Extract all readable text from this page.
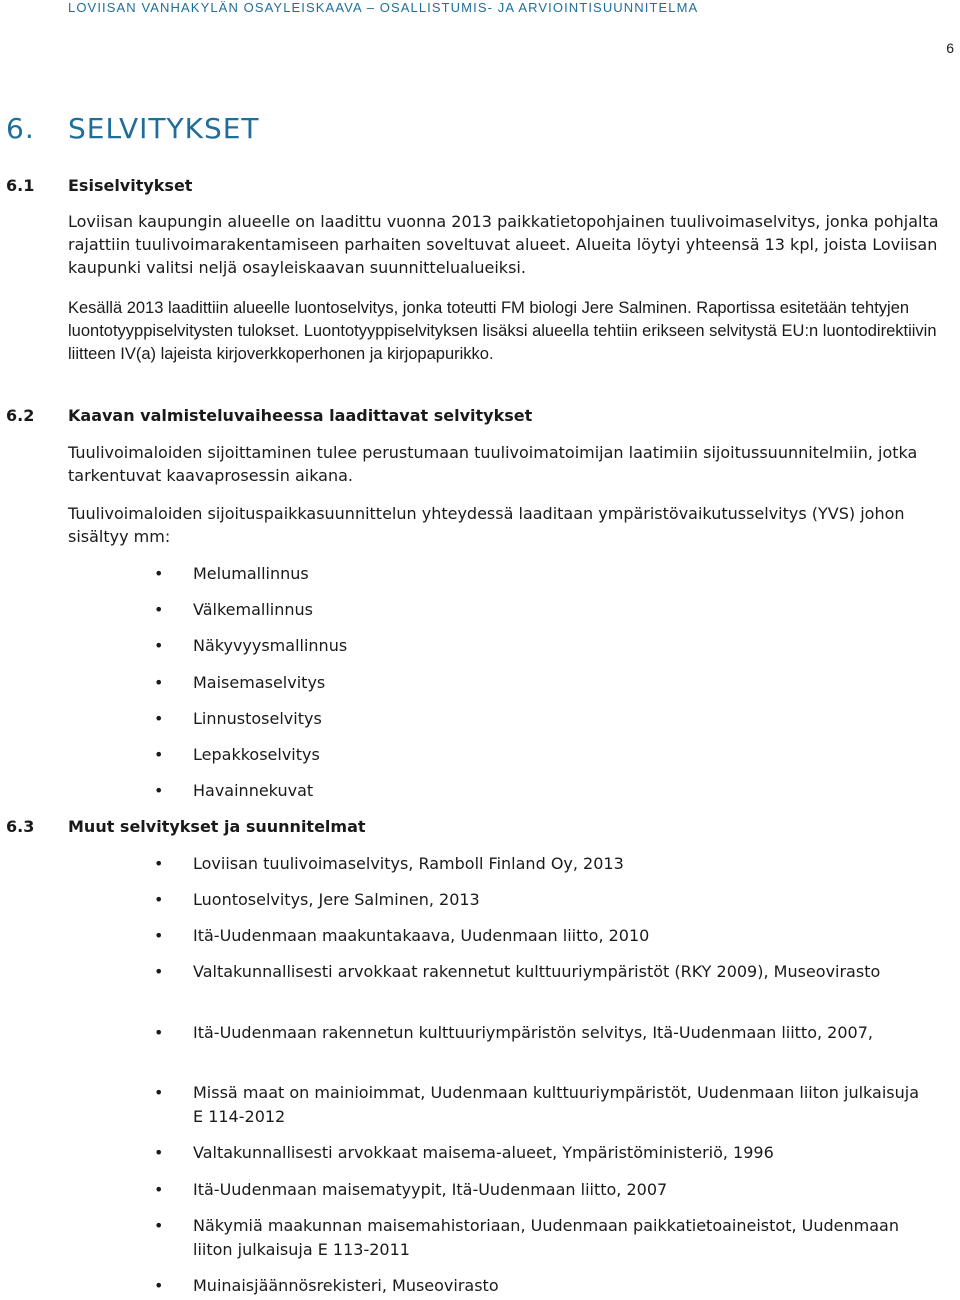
LOVIISAN VANHAKYLÄN OSAYLEISKAAVA – OSALLISTUMIS- JA ARVIOINTISUUNNITELMA
6
6. SELVITYKSET
6.1 Esiselvitykset

Loviisan kaupungin alueelle on laadittu vuonna 2013 paikkatietopohjainen tuulivoimaselvitys, jonka pohjalta rajattiin tuulivoimarakentamiseen parhaiten soveltuvat alueet. Alueita löytyi yhteensä 13 kpl, joista Loviisan kaupunki valitsi neljä osayleiskaavan suunnittelualueiksi.

Kesällä 2013 laadittiin alueelle luontoselvitys, jonka toteutti FM biologi Jere Salminen. Raportissa esitetään tehtyjen luontotyyppiselvitysten tulokset. Luontotyyppiselvityksen lisäksi alueella tehtiin erikseen selvitystä EU:n luontodirektiivin liitteen IV(a) lajeista kirjoverkkoperhonen ja kirjopapurikko.

6.2 Kaavan valmisteluvaiheessa laadittavat selvitykset

Tuulivoimaloiden sijoittaminen tulee perustumaan tuulivoimatoimijan laatimiin sijoitussuunnitelmiin, jotka tarkentuvat kaavaprosessin aikana.

Tuulivoimaloiden sijoituspaikkasuunnittelun yhteydessä laaditaan ympäristövaikutusselvitys (YVS) johon sisältyy mm:

•	Melumallinnus
•	Välkemallinnus
•	Näkyvyysmallinnus
•	Maisemaselvitys
•	Linnustoselvitys
•	Lepakkoselvitys
•	Havainnekuvat
6.3 Muut selvitykset ja suunnitelmat
•	Loviisan tuulivoimaselvitys, Ramboll Finland Oy, 2013
•	Luontoselvitys, Jere Salminen, 2013
•	Itä-Uudenmaan maakuntakaava, Uudenmaan liitto, 2010
•	Valtakunnallisesti arvokkaat rakennetut kulttuuriympäristöt (RKY 2009), Museovirasto
•	Itä-Uudenmaan rakennetun kulttuuriympäristön selvitys, Itä-Uudenmaan liitto, 2007,
•	Missä maat on mainioimmat, Uudenmaan kulttuuriympäristöt, Uudenmaan liiton julkaisuja E 114-2012
•	Valtakunnallisesti arvokkaat maisema-alueet, Ympäristöministeriö, 1996
•	Itä-Uudenmaan maisematyypit, Itä-Uudenmaan liitto, 2007
•	Näkymiä maakunnan maisemahistoriaan, Uudenmaan paikkatietoaineistot, Uudenmaan liiton julkaisuja E 113-2011
•	Muinaisjäännösrekisteri, Museovirasto
